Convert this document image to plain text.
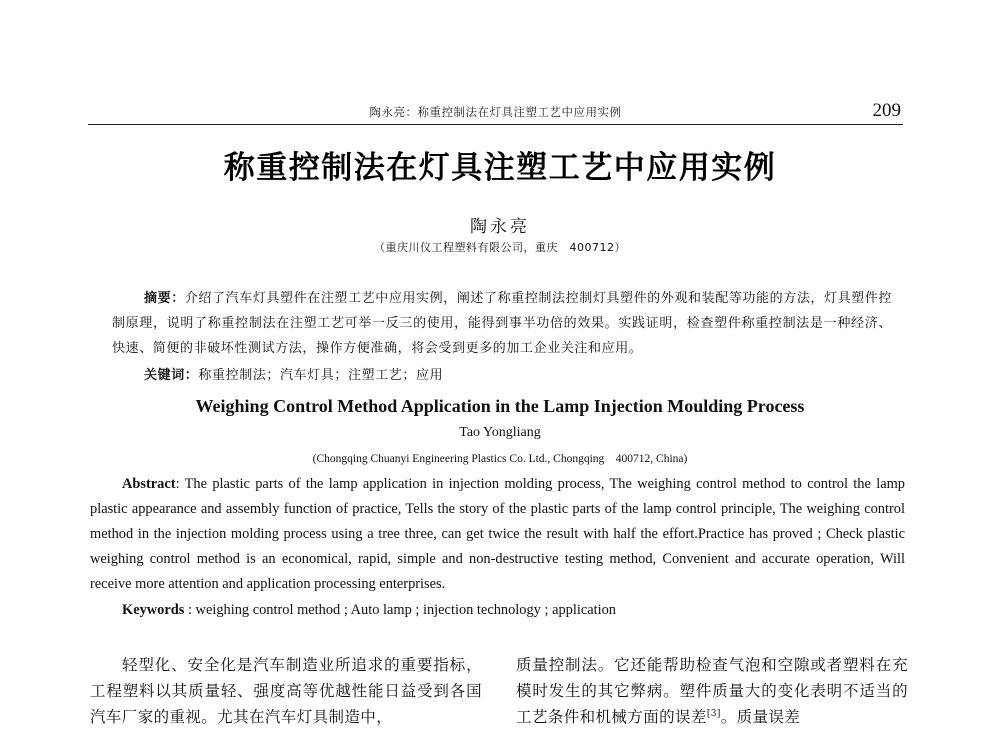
陶永亮：称重控制法在灯具注塑工艺中应用实例	209
称重控制法在灯具注塑工艺中应用实例
陶永亮
（重庆川仪工程塑料有限公司，重庆　400712）
摘要：介绍了汽车灯具塑件在注塑工艺中应用实例，阐述了称重控制法控制灯具塑件的外观和装配等功能的方法，灯具塑件控制原理，说明了称重控制法在注塑工艺可举一反三的使用，能得到事半功倍的效果。实践证明，检查塑件称重控制法是一种经济、快速、简便的非破坏性测试方法，操作方便准确，将会受到更多的加工企业关注和应用。
关键词：称重控制法；汽车灯具；注塑工艺；应用
Weighing Control Method Application in the Lamp Injection Moulding Process
Tao Yongliang
(Chongqing Chuanyi Engineering Plastics Co. Ltd., Chongqing　400712, China)
Abstract: The plastic parts of the lamp application in injection molding process, The weighing control method to control the lamp plastic appearance and assembly function of practice, Tells the story of the plastic parts of the lamp control principle, The weighing control method in the injection molding process using a tree three, can get twice the result with half the effort.Practice has proved ; Check plastic weighing control method is an economical, rapid, simple and non-destructive testing method, Convenient and accurate operation, Will receive more attention and application processing enterprises.
Keywords : weighing control method ; Auto lamp ; injection technology ; application
轻型化、安全化是汽车制造业所追求的重要指标，工程塑料以其质量轻、强度高等优越性能日益受到各国汽车厂家的重视。尤其在汽车灯具制造中，
质量控制法。它还能帮助检查气泡和空隙或者塑料在充模时发生的其它弊病。塑件质量大的变化表明不适当的工艺条件和机械方面的误差[3]。质量误差
